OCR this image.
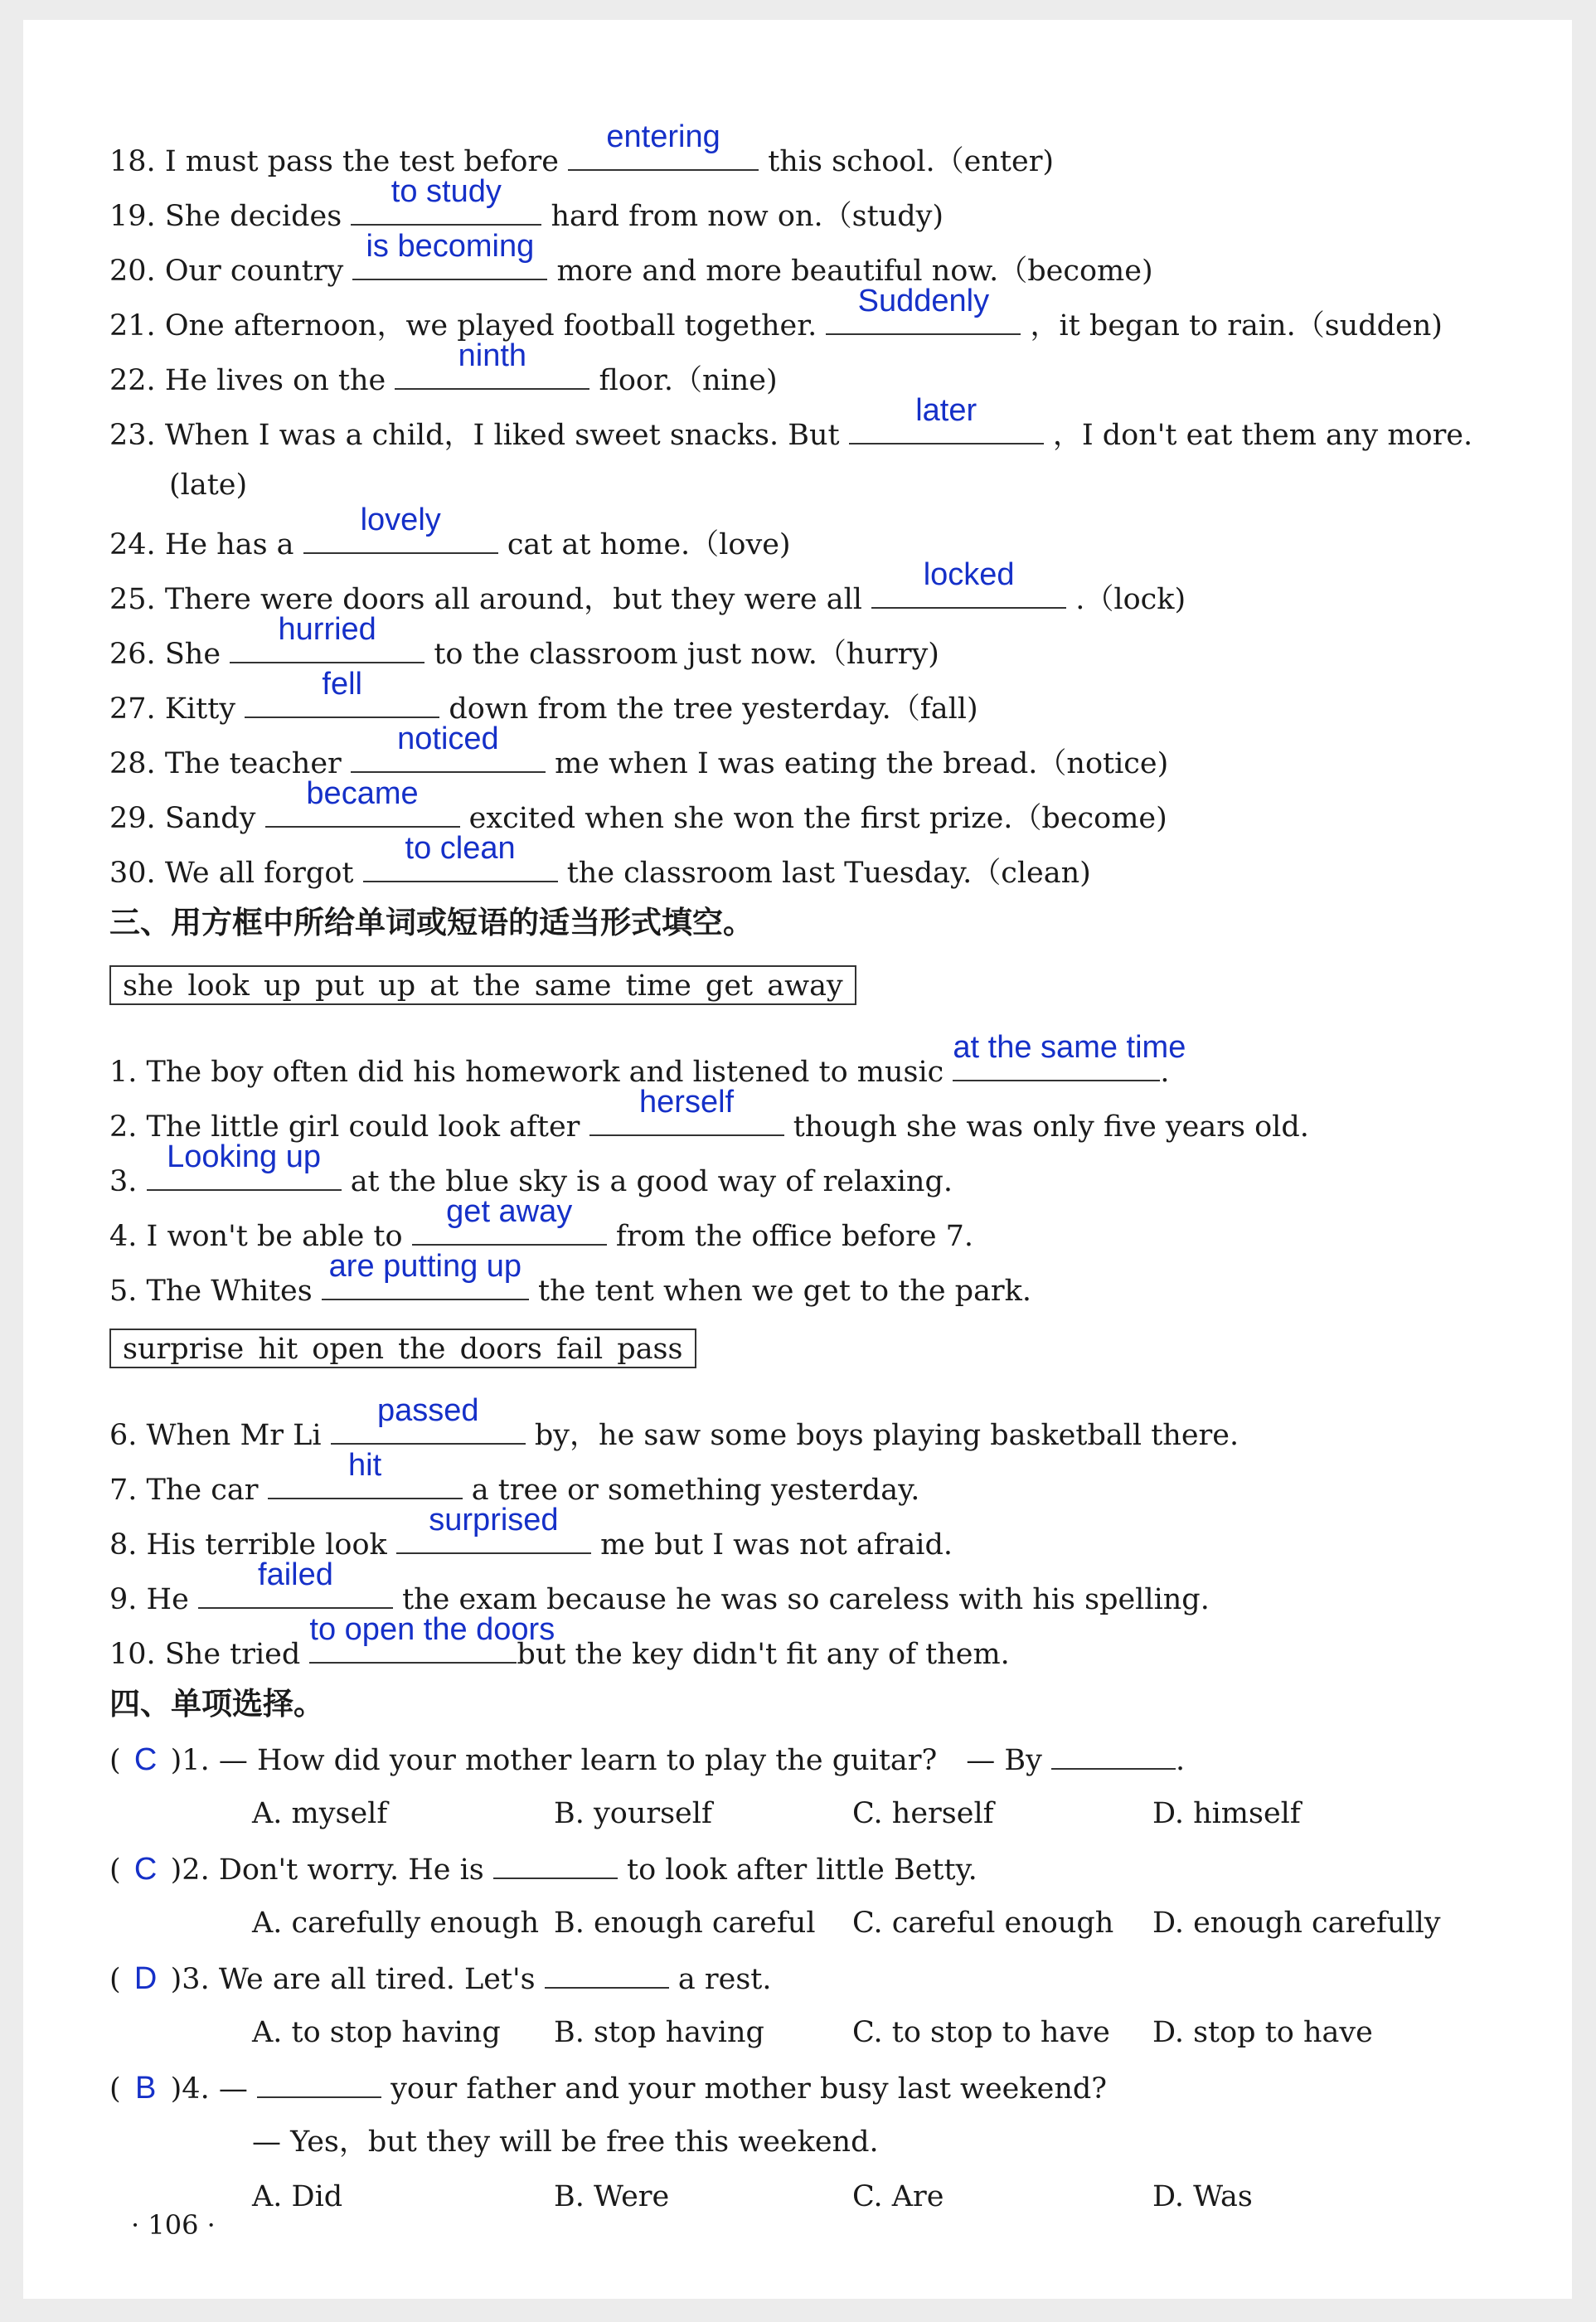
18. I must pass the test before
entering
this school.（enter)
19. She decides
to study
hard from now on.（study)
20. Our country
is becoming
more and more beautiful now.（become)
21. One afternoon，we played football together.
Suddenly
，it began to rain.（sudden)
22. He lives on the
ninth
floor.（nine)
23. When I was a child，I liked sweet snacks. But
later
，I don't eat them any more.
(late)
24. He has a
lovely
cat at home.（love)
25. There were doors all around，but they were all
locked
.（lock)
26. She
hurried
to the classroom just now.（hurry)
27. Kitty
fell
down from the tree yesterday.（fall)
28. The teacher
noticed
me when I was eating the bread.（notice)
29. Sandy
became
excited when she won the first prize.（become)
30. We all forgot
to clean
the classroom last Tuesday.（clean)
三、用方框中所给单词或短语的适当形式填空。
she look up put up at the same time get away
1. The boy often did his homework and listened to music
at the same time
.
2. The little girl could look after
herself
though she was only five years old.
3.
Looking up
at the blue sky is a good way of relaxing.
4. I won't be able to
get away
from the office before 7.
5. The Whites
are putting up
the tent when we get to the park.
surprise hit open the doors fail pass
6. When Mr Li
passed
by，he saw some boys playing basketball there.
7. The car
hit
a tree or something yesterday.
8. His terrible look
surprised
me but I was not afraid.
9. He
failed
the exam because he was so careless with his spelling.
10. She tried
to open the doors
but the key didn't fit any of them.
四、单项选择。
( C )1. — How did your mother learn to play the guitar?　— By	.
A. myself	B. yourself	C. herself	D. himself
( C )2. Don't worry. He is	to look after little Betty.
A. carefully enough B. enough careful C. careful enough D. enough carefully
( D )3. We are all tired. Let's	a rest.
A. to stop having B. stop having	C. to stop to have D. stop to have
( B )4. —	your father and your mother busy last weekend?
— Yes，but they will be free this weekend.
A. Did	B. Were	C. Are	D. Was
· 106 ·
